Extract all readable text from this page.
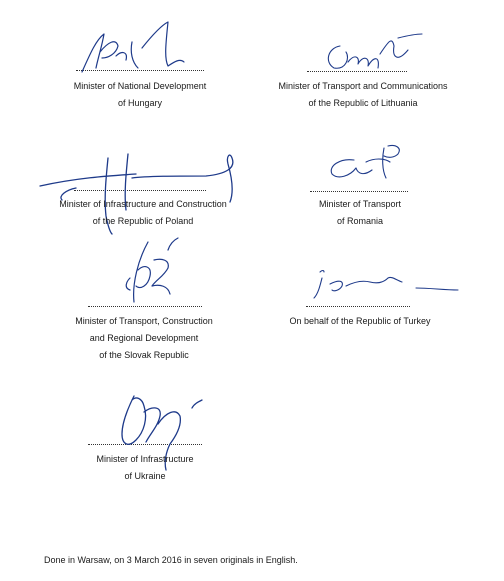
Minister of National Development
of Hungary
Minister of Transport and Communications
of the Republic of Lithuania
Minister of Infrastructure and Construction
of the Republic of Poland
Minister of Transport
of Romania
Minister of Transport, Construction
and Regional Development
of the Slovak Republic
On behalf of the Republic of Turkey
Minister of Infrastructure
of Ukraine
Done in Warsaw, on 3 March 2016 in seven originals in English.
